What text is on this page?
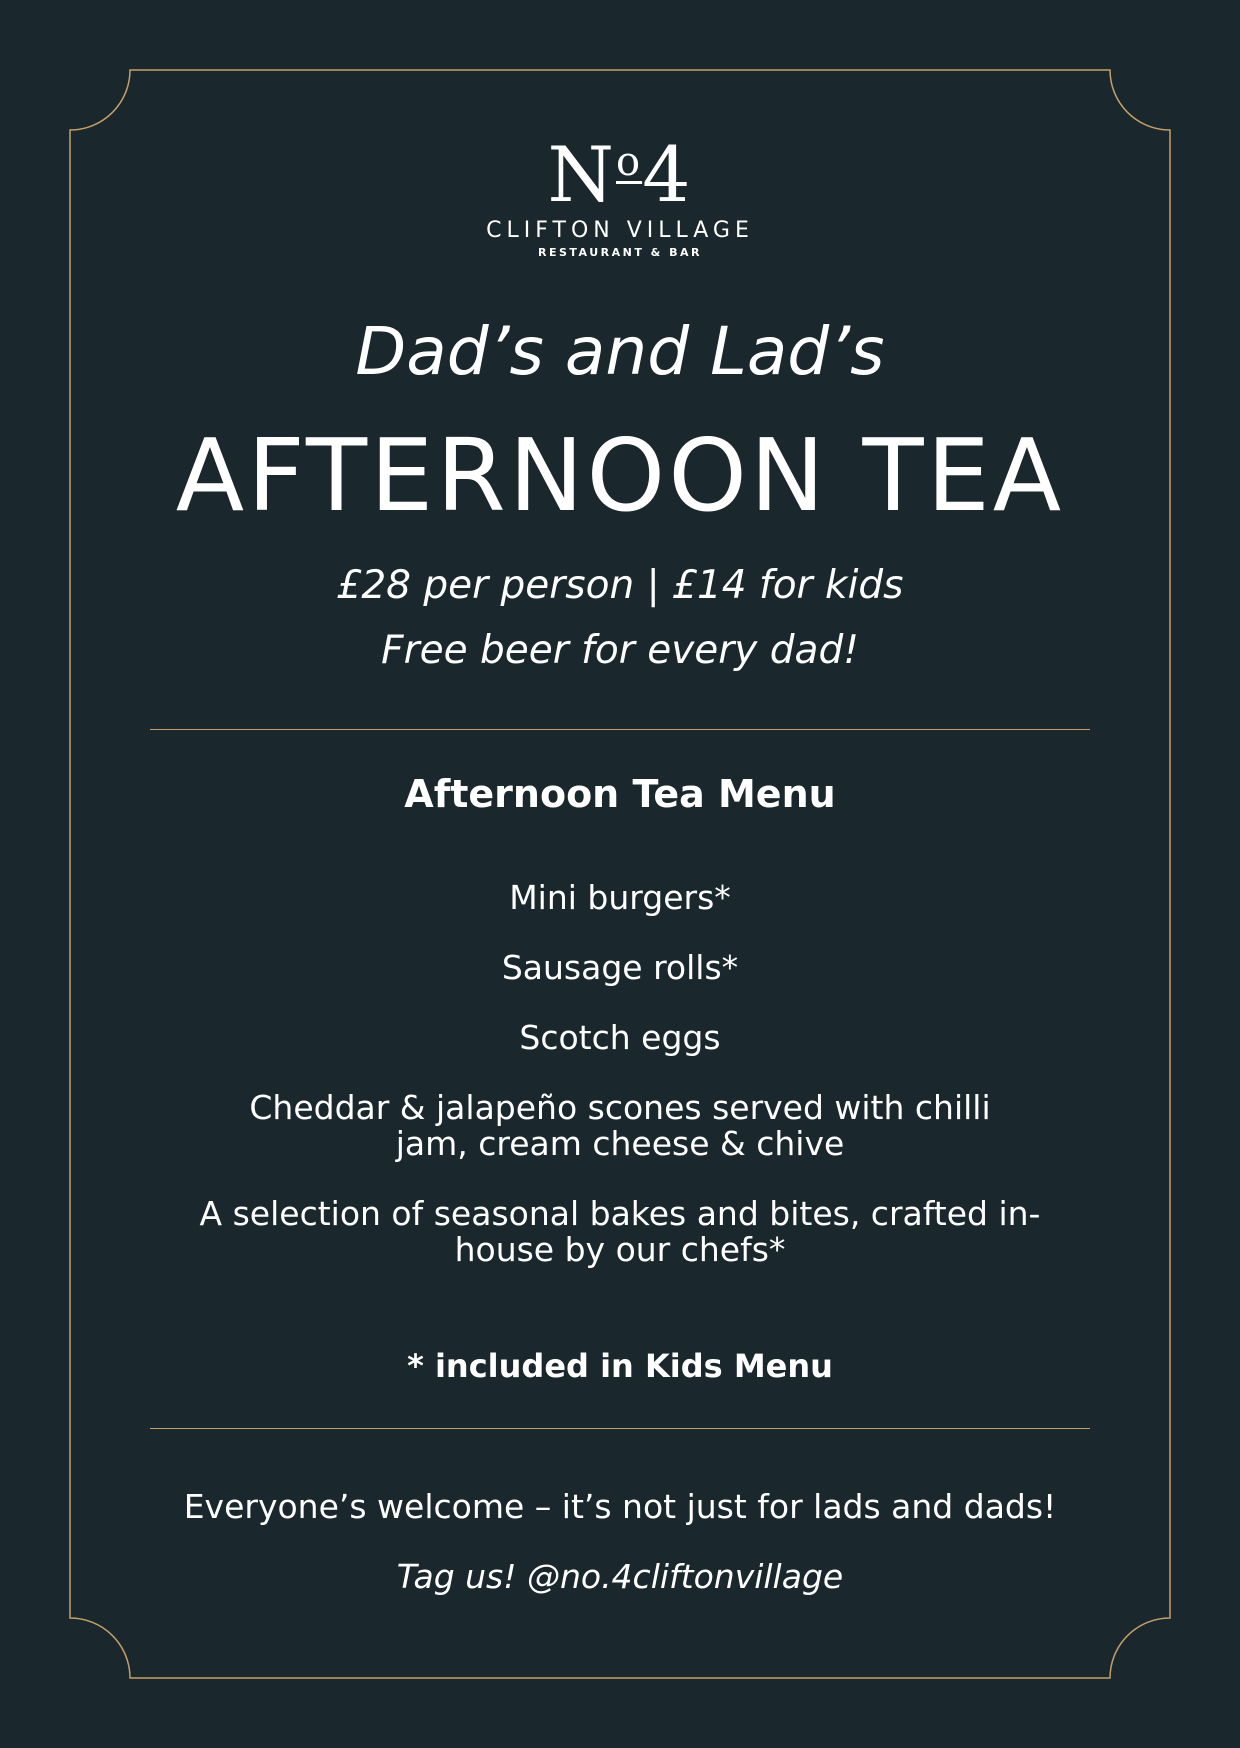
$N^o4$
CLIFTON VILLAGE
RESTAURANT & BAR
Dad’s and Lad’s
AFTERNOON TEA
£28 per person | £14 for kids
Free beer for every dad!
Afternoon Tea Menu
Mini burgers*
Sausage rolls*
Scotch eggs
Cheddar & jalapeño scones served with chilli jam, cream cheese & chive
A selection of seasonal bakes and bites, crafted in-house by our chefs*
* included in Kids Menu
Everyone’s welcome – it’s not just for lads and dads!
Tag us! @no.4cliftonvillage
